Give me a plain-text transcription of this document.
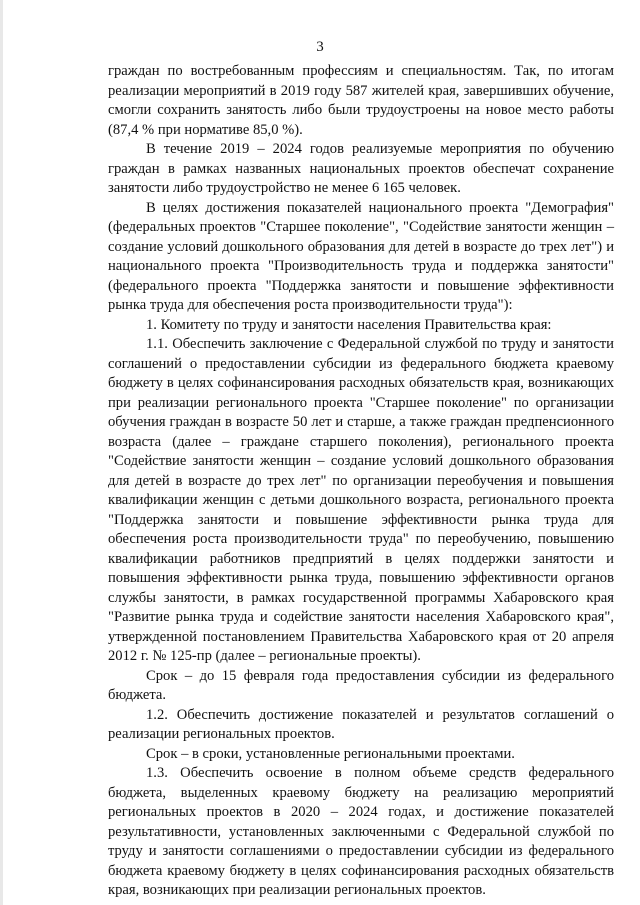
3

граждан по востребованным профессиям и специальностям. Так, по итогам реализации мероприятий в 2019 году 587 жителей края, завершивших обучение, смогли сохранить занятость либо были трудоустроены на новое место работы (87,4 % при нормативе 85,0 %).

В течение 2019 – 2024 годов реализуемые мероприятия по обучению граждан в рамках названных национальных проектов обеспечат сохранение занятости либо трудоустройство не менее 6 165 человек.

В целях достижения показателей национального проекта "Демография" (федеральных проектов "Старшее поколение", "Содействие занятости женщин – создание условий дошкольного образования для детей в возрасте до трех лет") и национального проекта "Производительность труда и поддержка занятости" (федерального проекта "Поддержка занятости и повышение эффективности рынка труда для обеспечения роста производительности труда"):

1. Комитету по труду и занятости населения Правительства края:

1.1. Обеспечить заключение с Федеральной службой по труду и занятости соглашений о предоставлении субсидии из федерального бюджета краевому бюджету в целях софинансирования расходных обязательств края, возникающих при реализации регионального проекта "Старшее поколение" по организации обучения граждан в возрасте 50 лет и старше, а также граждан предпенсионного возраста (далее – граждане старшего поколения), регионального проекта "Содействие занятости женщин – создание условий дошкольного образования для детей в возрасте до трех лет" по организации переобучения и повышения квалификации женщин с детьми дошкольного возраста, регионального проекта "Поддержка занятости и повышение эффективности рынка труда для обеспечения роста производительности труда" по переобучению, повышению квалификации работников предприятий в целях поддержки занятости и повышения эффективности рынка труда, повышению эффективности органов службы занятости, в рамках государственной программы Хабаровского края "Развитие рынка труда и содействие занятости населения Хабаровского края", утвержденной постановлением Правительства Хабаровского края от 20 апреля 2012 г. № 125-пр (далее – региональные проекты).

Срок – до 15 февраля года предоставления субсидии из федерального бюджета.

1.2. Обеспечить достижение показателей и результатов соглашений о реализации региональных проектов.

Срок – в сроки, установленные региональными проектами.

1.3. Обеспечить освоение в полном объеме средств федерального бюджета, выделенных краевому бюджету на реализацию мероприятий региональных проектов в 2020 – 2024 годах, и достижение показателей результативности, установленных заключенными с Федеральной службой по труду и занятости соглашениями о предоставлении субсидии из федерального бюджета краевому бюджету в целях софинансирования расходных обязательств края, возникающих при реализации региональных проектов.
